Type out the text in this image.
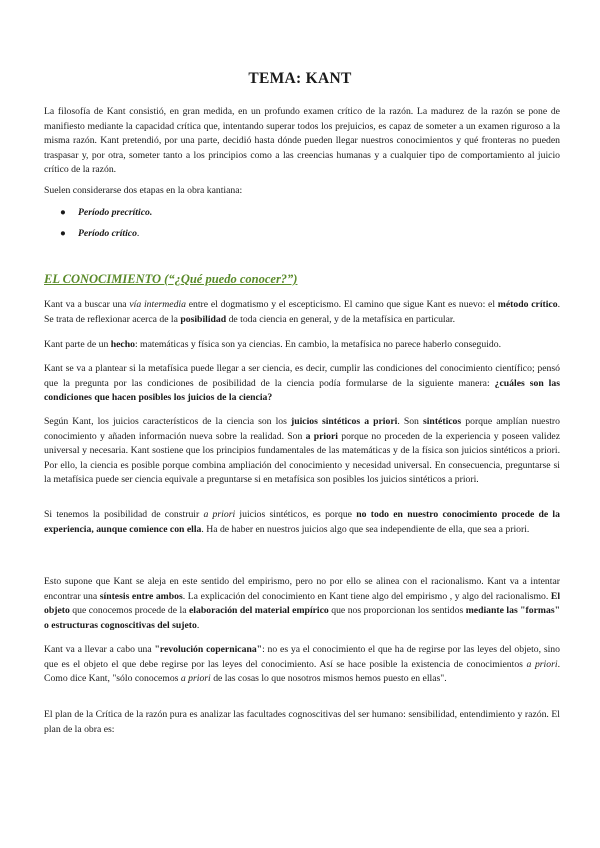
TEMA: KANT

La filosofía de Kant consistió, en gran medida, en un profundo examen crítico de la razón. La madurez de la razón se pone de manifiesto mediante la capacidad crítica que, intentando superar todos los prejuicios, es capaz de someter a un examen riguroso a la misma razón. Kant pretendió, por una parte, decidió hasta dónde pueden llegar nuestros conocimientos y qué fronteras no pueden traspasar y, por otra, someter tanto a los principios como a las creencias humanas y a cualquier tipo de comportamiento al juicio crítico de la razón.

Suelen considerarse dos etapas en la obra kantiana:

● Período precrítico.
● Período crítico.
EL CONOCIMIENTO (“¿Qué puedo conocer?”)

Kant va a buscar una vía intermedia entre el dogmatismo y el escepticismo. El camino que sigue Kant es nuevo: el método crítico. Se trata de reflexionar acerca de la posibilidad de toda ciencia en general, y de la metafísica en particular.

Kant parte de un hecho: matemáticas y física son ya ciencias. En cambio, la metafísica no parece haberlo conseguido.

Kant se va a plantear si la metafísica puede llegar a ser ciencia, es decir, cumplir las condiciones del conocimiento científico; pensó que la pregunta por las condiciones de posibilidad de la ciencia podía formularse de la siguiente manera: ¿cuáles son las condiciones que hacen posibles los juicios de la ciencia?

Según Kant, los juicios característicos de la ciencia son los juicios sintéticos a priori. Son sintéticos porque amplían nuestro conocimiento y añaden información nueva sobre la realidad. Son a priori porque no proceden de la experiencia y poseen validez universal y necesaria. Kant sostiene que los principios fundamentales de las matemáticas y de la física son juicios sintéticos a priori. Por ello, la ciencia es posible porque combina ampliación del conocimiento y necesidad universal. En consecuencia, preguntarse si la metafísica puede ser ciencia equivale a preguntarse si en metafísica son posibles los juicios sintéticos a priori.

Si tenemos la posibilidad de construir a priori juicios sintéticos, es porque no todo en nuestro conocimiento procede de la experiencia, aunque comience con ella. Ha de haber en nuestros juicios algo que sea independiente de ella, que sea a priori.

Esto supone que Kant se aleja en este sentido del empirismo, pero no por ello se alinea con el racionalismo. Kant va a intentar encontrar una síntesis entre ambos. La explicación del conocimiento en Kant tiene algo del empirismo , y algo del racionalismo. El objeto que conocemos procede de la elaboración del material empírico que nos proporcionan los sentidos mediante las "formas" o estructuras cognoscitivas del sujeto.

Kant va a llevar a cabo una "revolución copernicana": no es ya el conocimiento el que ha de regirse por las leyes del objeto, sino que es el objeto el que debe regirse por las leyes del conocimiento. Así se hace posible la existencia de conocimientos a priori. Como dice Kant, "sólo conocemos a priori de las cosas lo que nosotros mismos hemos puesto en ellas".

El plan de la Crítica de la razón pura es analizar las facultades cognoscitivas del ser humano: sensibilidad, entendimiento y razón. El plan de la obra es:
